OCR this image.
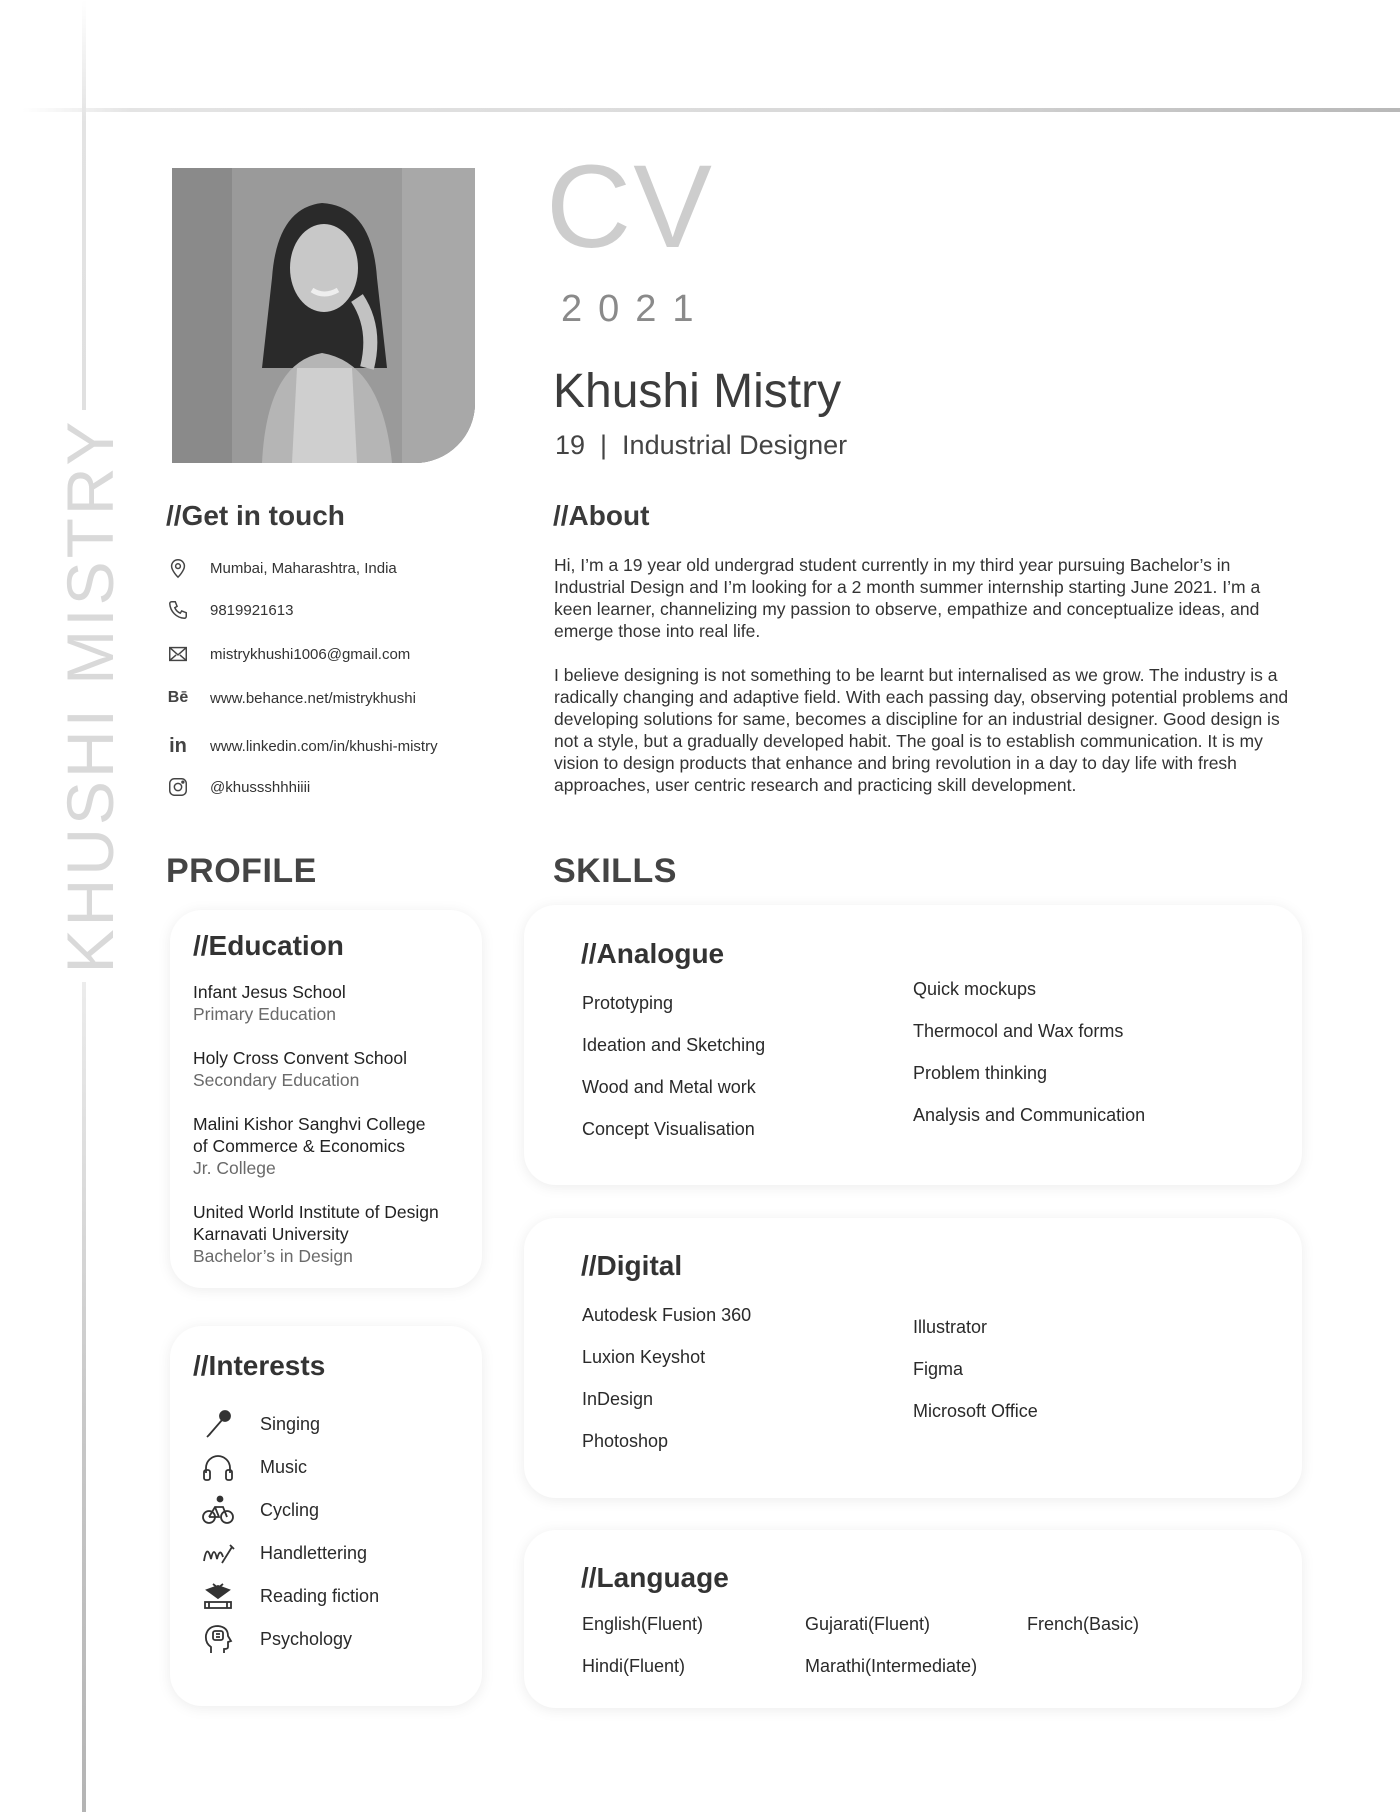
KHUSHI MISTRY
CV
2021
Khushi Mistry
19  |  Industrial Designer
//Get in touch
Mumbai, Maharashtra, India
9819921613
mistrykhushi1006@gmail.com
Bē www.behance.net/mistrykhushi
in www.linkedin.com/in/khushi-mistry
@khussshhhiiii
//About

Hi, I’m a 19 year old undergrad student currently in my third year pursuing Bachelor’s in Industrial Design and I’m looking for a 2 month summer internship starting June 2021. I’m a keen learner, channelizing my passion to observe, empathize and conceptualize ideas, and emerge those into real life.

I believe designing is not something to be learnt but internalised as we grow. The industry is a radically changing and adaptive field. With each passing day, observing potential problems and developing solutions for same, becomes a discipline for an industrial designer. Good design is not a style, but a gradually developed habit. The goal is to establish communication. It is my vision to design products that enhance and bring revolution in a day to day life with fresh approaches, user centric research and practicing skill development.

PROFILE	SKILLS
//Education
Infant Jesus School
Primary Education
Holy Cross Convent School
Secondary Education
Malini Kishor Sanghvi College of Commerce & Economics
Jr. College
United World Institute of Design Karnavati University
Bachelor’s in Design
//Interests
Singing
Music
Cycling
Handlettering
Reading fiction
Psychology
//Analogue
Prototyping
Ideation and Sketching
Wood and Metal work
Concept Visualisation
Quick mockups
Thermocol and Wax forms
Problem thinking
Analysis and Communication
//Digital
Autodesk Fusion 360
Luxion Keyshot
InDesign
Photoshop
Illustrator
Figma
Microsoft Office
//Language
English(Fluent)	Gujarati(Fluent)	French(Basic)
Hindi(Fluent)	Marathi(Intermediate)
